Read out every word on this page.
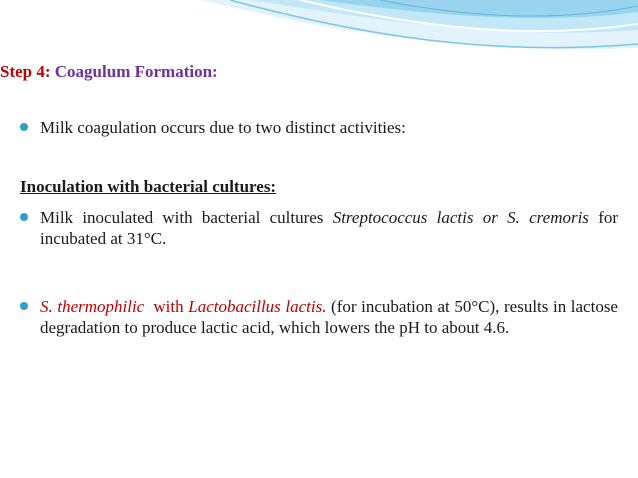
Step 4: Coagulum Formation:
Milk coagulation occurs due to two distinct activities:
Inoculation with bacterial cultures:
Milk inoculated with bacterial cultures Streptococcus lactis or S. cremoris for incubated at 31°C.
S. thermophilic  with Lactobacillus lactis. (for incubation at 50°C), results in lactose degradation to produce lactic acid, which lowers the pH to about 4.6.
